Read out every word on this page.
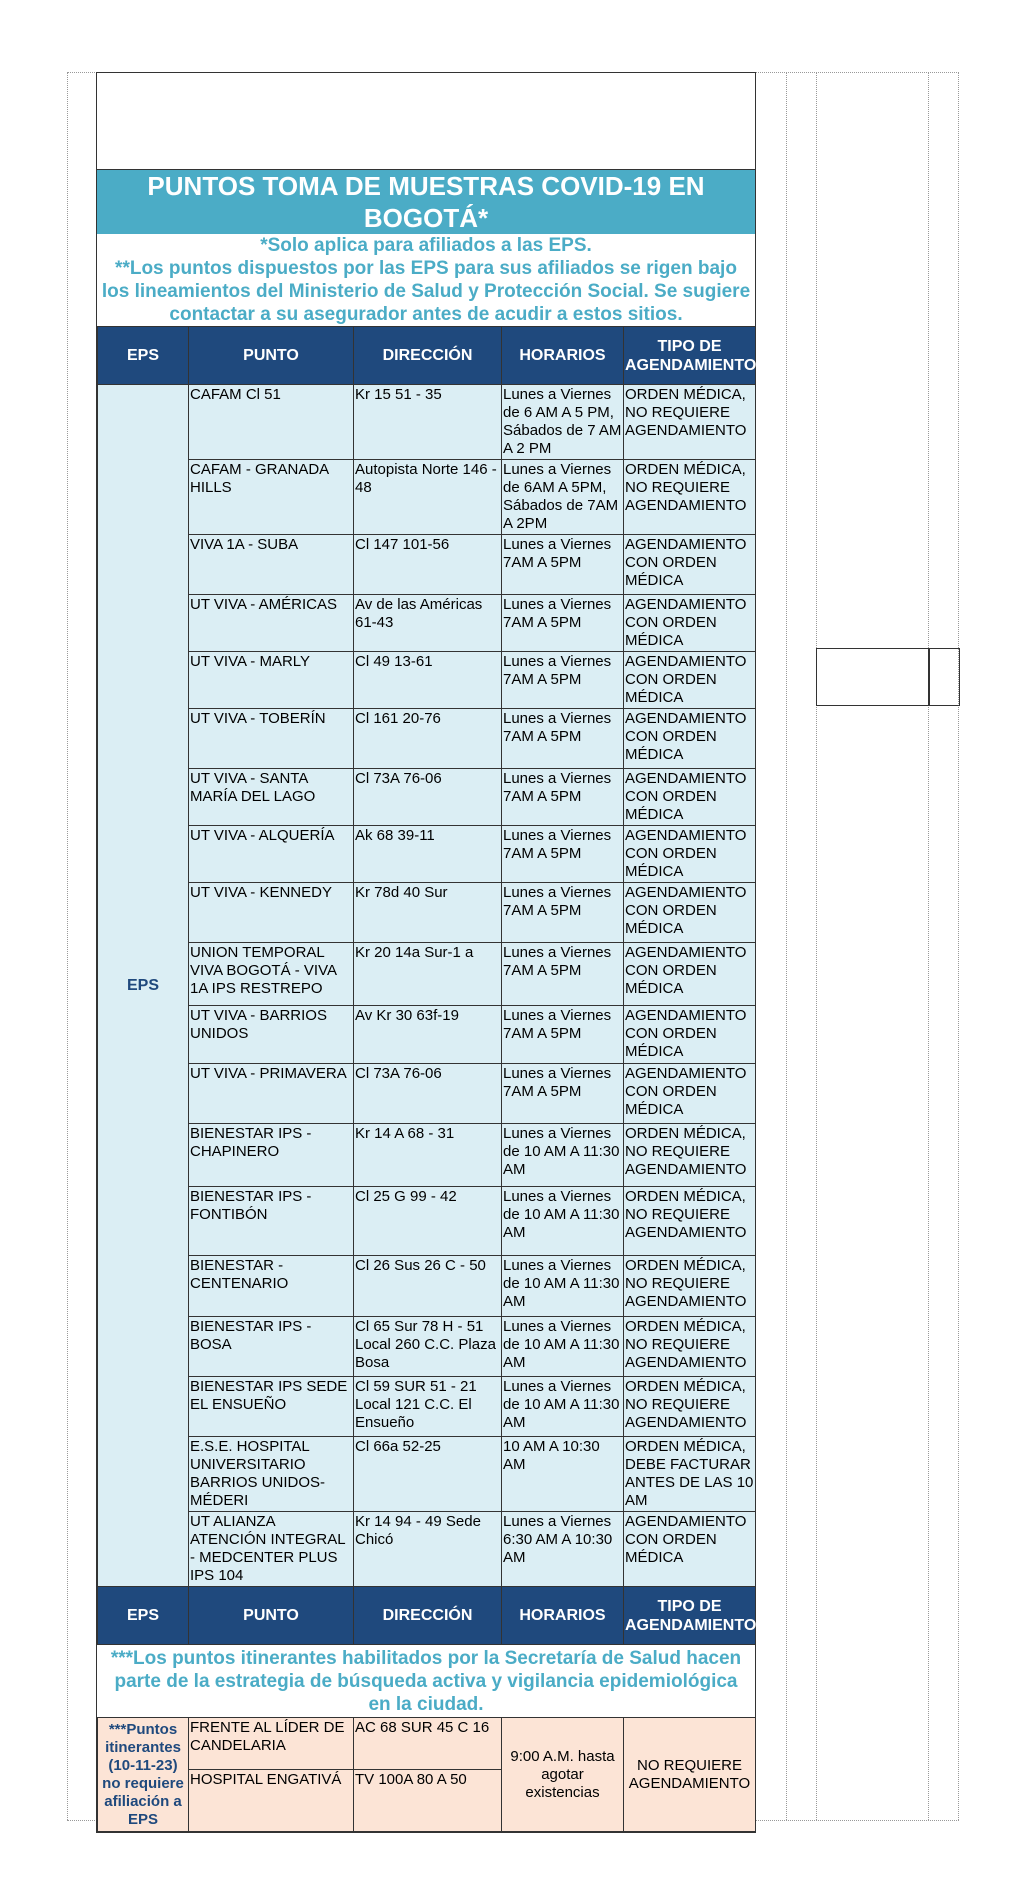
PUNTOS TOMA DE MUESTRAS COVID-19 EN BOGOTÁ*

*Solo aplica para afiliados a las EPS.

**Los puntos dispuestos por las EPS para sus afiliados se rigen bajo los lineamientos del Ministerio de Salud y Protección Social. Se sugiere contactar a su asegurador antes de acudir a estos sitios.

EPS	PUNTO	DIRECCIÓN	HORARIOS	TIPO DE AGENDAMIENTO
EPS	CAFAM Cl 51	Kr 15 51 - 35	Lunes a Viernes de 6 AM A 5 PM, Sábados de 7 AM A 2 PM	ORDEN MÉDICA, NO REQUIERE AGENDAMIENTO
	CAFAM - GRANADA HILLS	Autopista Norte 146 - 48	Lunes a Viernes de 6AM A 5PM, Sábados de 7AM A 2PM	ORDEN MÉDICA, NO REQUIERE AGENDAMIENTO
	VIVA 1A - SUBA	Cl 147 101-56	Lunes a Viernes 7AM A 5PM	AGENDAMIENTO CON ORDEN MÉDICA
	UT VIVA - AMÉRICAS	Av de las Américas 61-43	Lunes a Viernes 7AM A 5PM	AGENDAMIENTO CON ORDEN MÉDICA
	UT VIVA - MARLY	Cl 49 13-61	Lunes a Viernes 7AM A 5PM	AGENDAMIENTO CON ORDEN MÉDICA
	UT VIVA - TOBERÍN	Cl 161 20-76	Lunes a Viernes 7AM A 5PM	AGENDAMIENTO CON ORDEN MÉDICA
	UT VIVA - SANTA MARÍA DEL LAGO	Cl 73A 76-06	Lunes a Viernes 7AM A 5PM	AGENDAMIENTO CON ORDEN MÉDICA
	UT VIVA - ALQUERÍA	Ak 68 39-11	Lunes a Viernes 7AM A 5PM	AGENDAMIENTO CON ORDEN MÉDICA
	UT VIVA - KENNEDY	Kr 78d 40 Sur	Lunes a Viernes 7AM A 5PM	AGENDAMIENTO CON ORDEN MÉDICA
	UNION TEMPORAL VIVA BOGOTÁ - VIVA 1A IPS RESTREPO	Kr 20 14a Sur-1 a	Lunes a Viernes 7AM A 5PM	AGENDAMIENTO CON ORDEN MÉDICA
	UT VIVA - BARRIOS UNIDOS	Av Kr 30 63f-19	Lunes a Viernes 7AM A 5PM	AGENDAMIENTO CON ORDEN MÉDICA
	UT VIVA - PRIMAVERA	Cl 73A 76-06	Lunes a Viernes 7AM A 5PM	AGENDAMIENTO CON ORDEN MÉDICA
	BIENESTAR IPS - CHAPINERO	Kr 14 A 68 - 31	Lunes a Viernes de 10 AM A 11:30 AM	ORDEN MÉDICA, NO REQUIERE AGENDAMIENTO
	BIENESTAR IPS - FONTIBÓN	Cl 25 G 99 - 42	Lunes a Viernes de 10 AM A 11:30 AM	ORDEN MÉDICA, NO REQUIERE AGENDAMIENTO
	BIENESTAR - CENTENARIO	Cl 26 Sus 26 C - 50	Lunes a Viernes de 10 AM A 11:30 AM	ORDEN MÉDICA, NO REQUIERE AGENDAMIENTO
	BIENESTAR IPS - BOSA	Cl 65 Sur 78 H - 51 Local 260 C.C. Plaza Bosa	Lunes a Viernes de 10 AM A 11:30 AM	ORDEN MÉDICA, NO REQUIERE AGENDAMIENTO
	BIENESTAR IPS SEDE EL ENSUEÑO	Cl 59 SUR 51 - 21 Local 121 C.C. El Ensueño	Lunes a Viernes de 10 AM A 11:30 AM	ORDEN MÉDICA, NO REQUIERE AGENDAMIENTO
	E.S.E. HOSPITAL UNIVERSITARIO BARRIOS UNIDOS-MÉDERI	Cl 66a 52-25	10 AM A 10:30 AM	ORDEN MÉDICA, DEBE FACTURAR ANTES DE LAS 10 AM
	UT ALIANZA ATENCIÓN INTEGRAL - MEDCENTER PLUS IPS 104	Kr 14 94 - 49 Sede Chicó	Lunes a Viernes 6:30 AM A 10:30 AM	AGENDAMIENTO CON ORDEN MÉDICA
EPS	PUNTO	DIRECCIÓN	HORARIOS	TIPO DE AGENDAMIENTO
***Los puntos itinerantes habilitados por la Secretaría de Salud hacen parte de la estrategia de búsqueda activa y vigilancia epidemiológica en la ciudad.
***Puntos itinerantes (10-11-23) no requiere afiliación a EPS	FRENTE AL LÍDER DE CANDELARIA	AC 68 SUR 45 C 16	9:00 A.M. hasta agotar existencias	NO REQUIERE AGENDAMIENTO
	HOSPITAL ENGATIVÁ	TV 100A 80 A 50		
